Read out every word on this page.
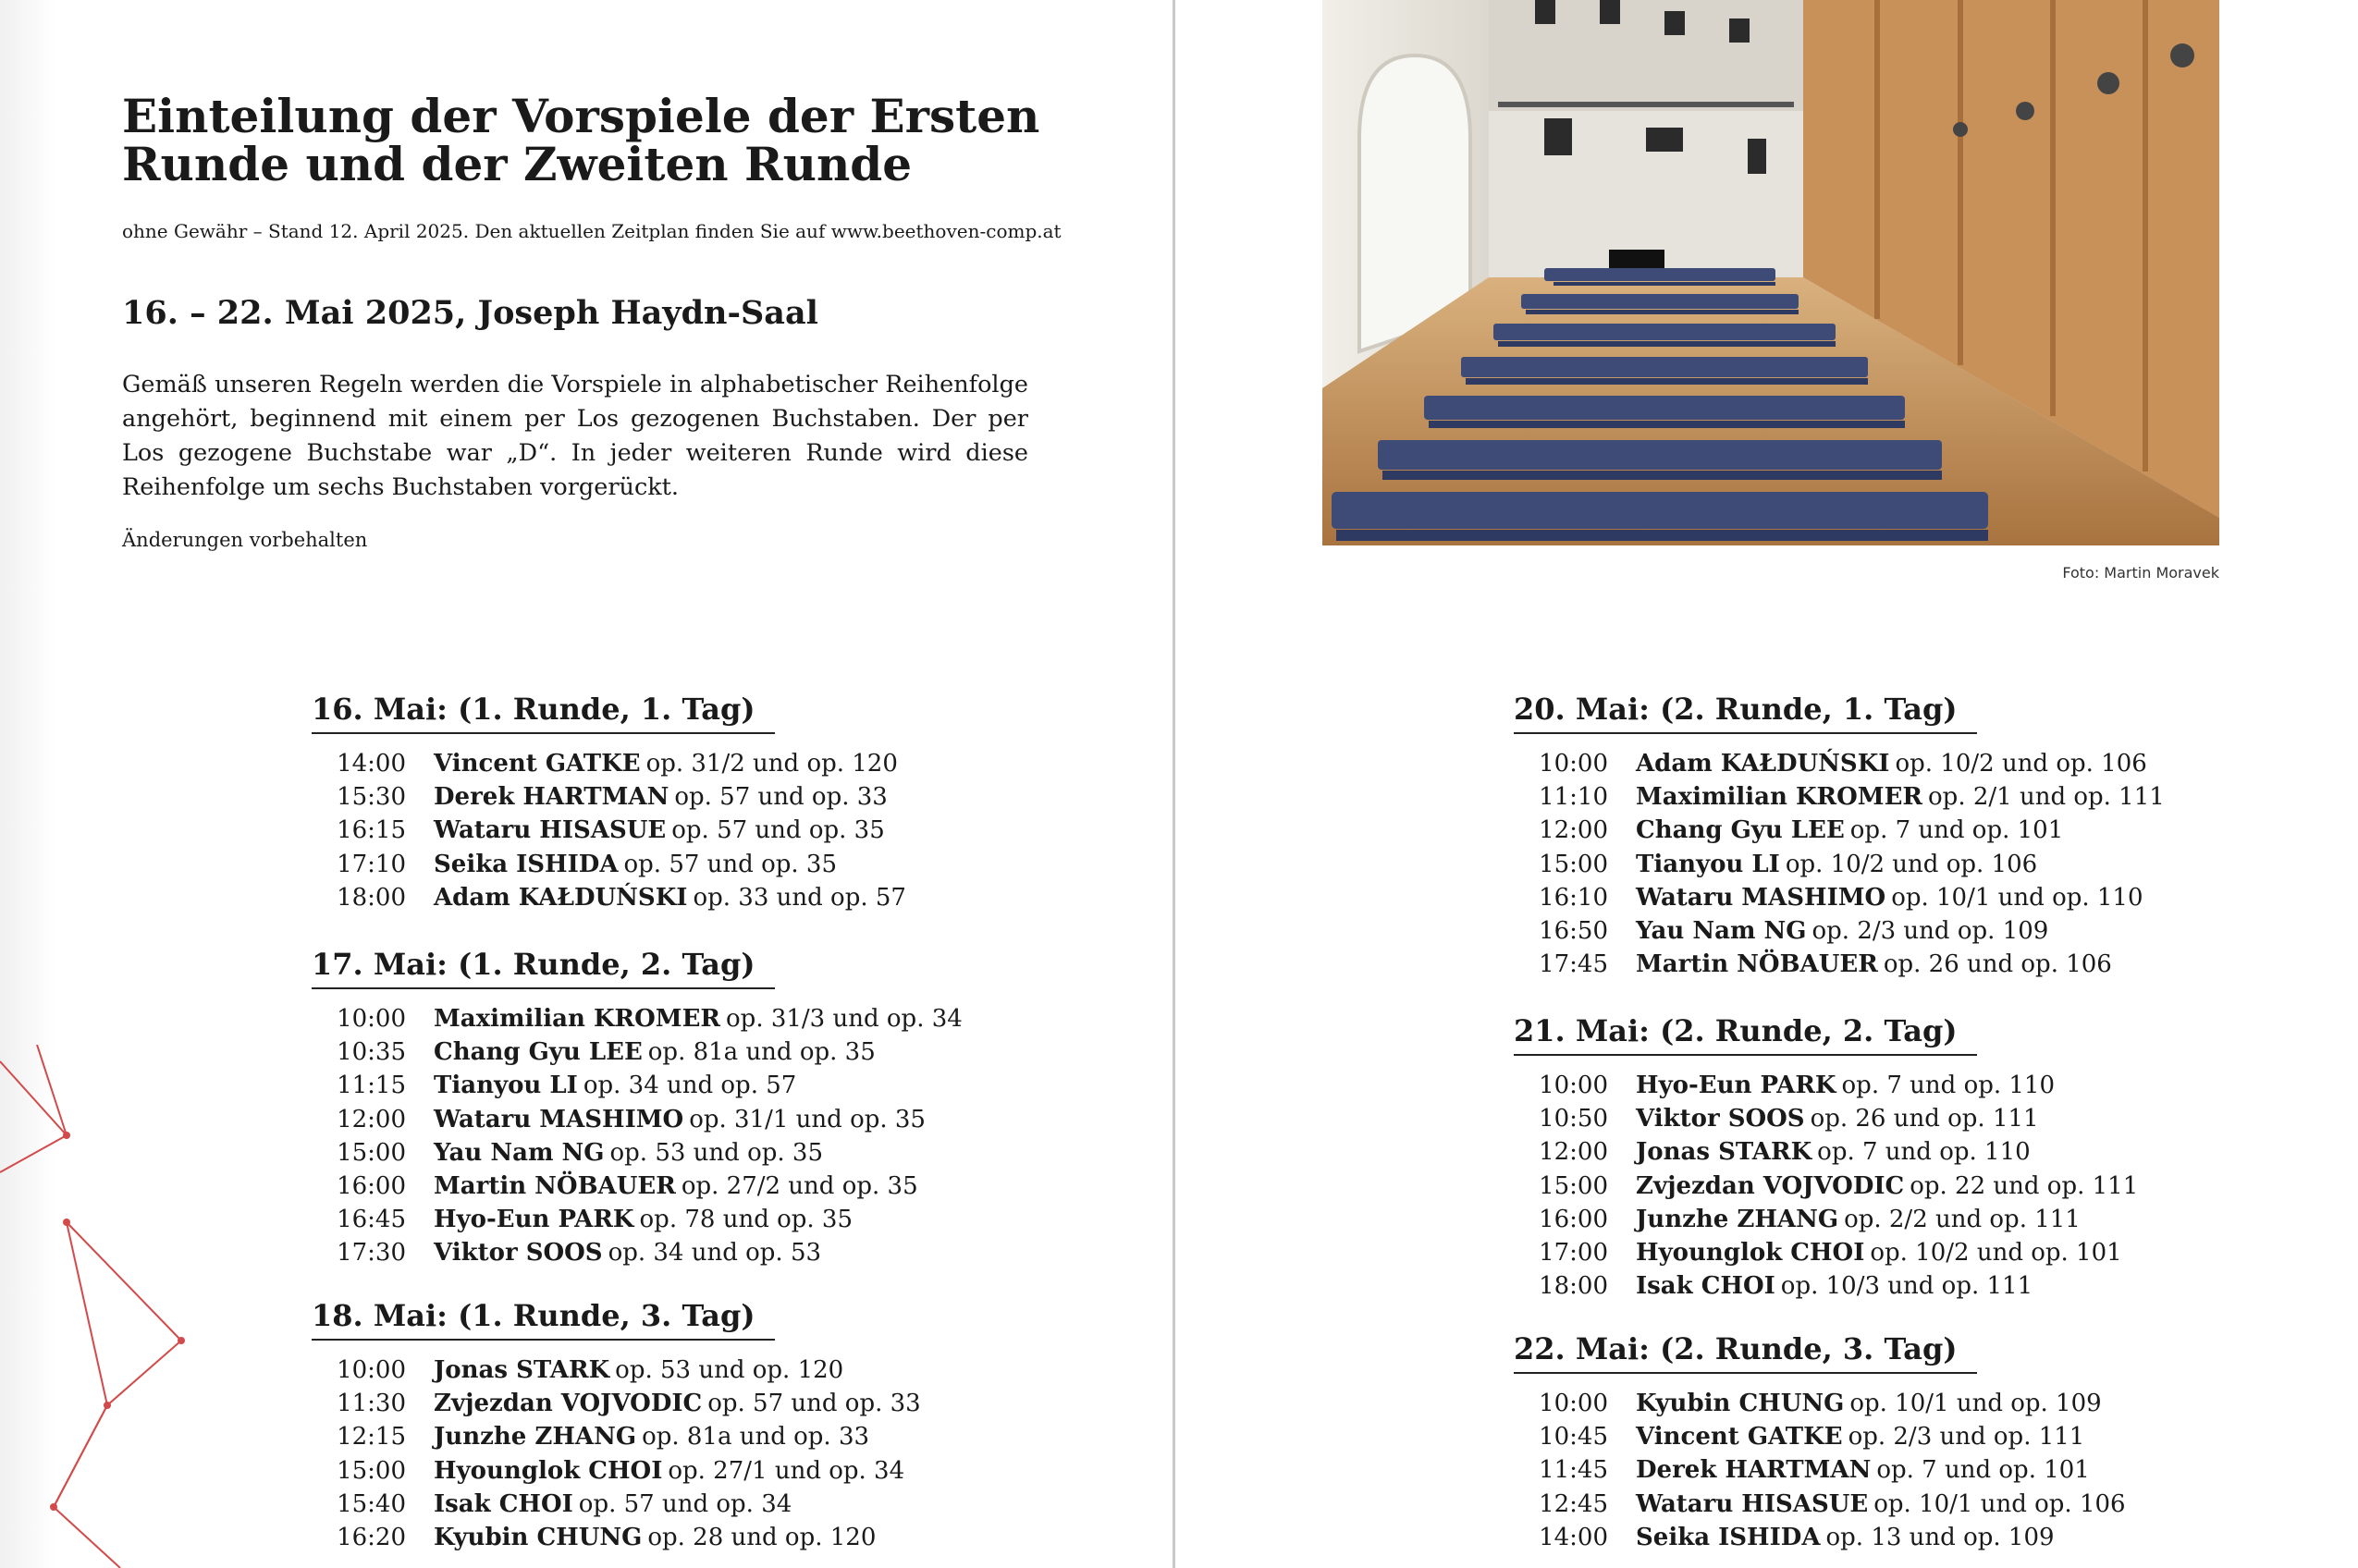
Einteilung der Vorspiele der Ersten Runde und der Zweiten Runde

ohne Gewähr – Stand 12. April 2025. Den aktuellen Zeitplan finden Sie auf www.beethoven-comp.at

16. – 22. Mai 2025, Joseph Haydn-Saal

Gemäß unseren Regeln werden die Vorspiele in alphabetischer Reihenfolge angehört, beginnend mit einem per Los gezogenen Buchstaben. Der per Los gezogene Buchstabe war „D“. In jeder weiteren Runde wird diese Reihenfolge um sechs Buchstaben vorgerückt.

Änderungen vorbehalten

16. Mai: (1. Runde, 1. Tag)
14:00 Vincent GATKE op. 31/2 und op. 120
15:30 Derek HARTMAN op. 57 und op. 33
16:15 Wataru HISASUE op. 57 und op. 35
17:10 Seika ISHIDA op. 57 und op. 35
18:00 Adam KAŁDUŃSKI op. 33 und op. 57
17. Mai: (1. Runde, 2. Tag)
10:00 Maximilian KROMER op. 31/3 und op. 34
10:35 Chang Gyu LEE op. 81a und op. 35
11:15 Tianyou LI op. 34 und op. 57
12:00 Wataru MASHIMO op. 31/1 und op. 35
15:00 Yau Nam NG op. 53 und op. 35
16:00 Martin NÖBAUER op. 27/2 und op. 35
16:45 Hyo-Eun PARK op. 78 und op. 35
17:30 Viktor SOOS op. 34 und op. 53
18. Mai: (1. Runde, 3. Tag)
10:00 Jonas STARK op. 53 und op. 120
11:30 Zvjezdan VOJVODIC op. 57 und op. 33
12:15 Junzhe ZHANG op. 81a und op. 33
15:00 Hyounglok CHOI op. 27/1 und op. 34
15:40 Isak CHOI op. 57 und op. 34
16:20 Kyubin CHUNG op. 28 und op. 120
Foto: Martin Moravek
20. Mai: (2. Runde, 1. Tag)
10:00 Adam KAŁDUŃSKI op. 10/2 und op. 106
11:10 Maximilian KROMER op. 2/1 und op. 111
12:00 Chang Gyu LEE op. 7 und op. 101
15:00 Tianyou LI op. 10/2 und op. 106
16:10 Wataru MASHIMO op. 10/1 und op. 110
16:50 Yau Nam NG op. 2/3 und op. 109
17:45 Martin NÖBAUER op. 26 und op. 106
21. Mai: (2. Runde, 2. Tag)
10:00 Hyo-Eun PARK op. 7 und op. 110
10:50 Viktor SOOS op. 26 und op. 111
12:00 Jonas STARK op. 7 und op. 110
15:00 Zvjezdan VOJVODIC op. 22 und op. 111
16:00 Junzhe ZHANG op. 2/2 und op. 111
17:00 Hyounglok CHOI op. 10/2 und op. 101
18:00 Isak CHOI op. 10/3 und op. 111
22. Mai: (2. Runde, 3. Tag)
10:00 Kyubin CHUNG op. 10/1 und op. 109
10:45 Vincent GATKE op. 2/3 und op. 111
11:45 Derek HARTMAN op. 7 und op. 101
12:45 Wataru HISASUE op. 10/1 und op. 106
14:00 Seika ISHIDA op. 13 und op. 109
